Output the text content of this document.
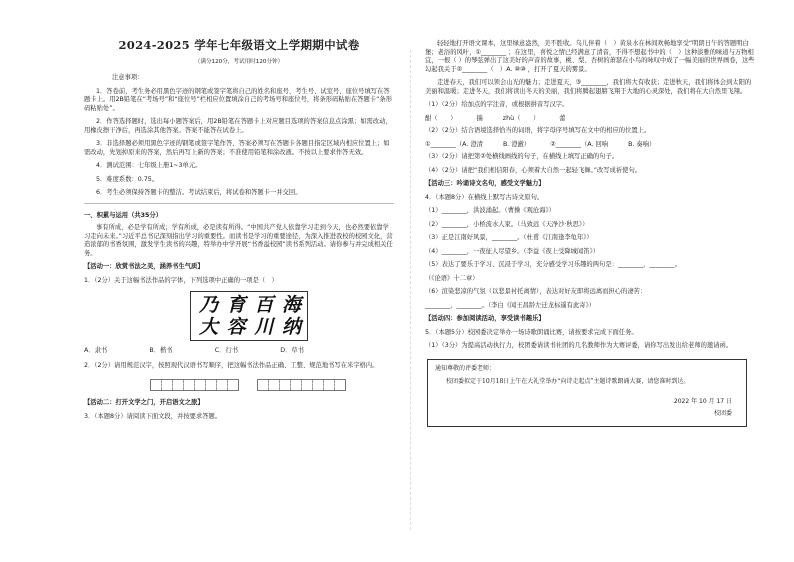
2024-2025 学年七年级语文上学期期中试卷
（满分120分，考试用时120分钟）
注意事项：
1．答卷前，考生务必用黑色字迹的钢笔或签字笔将自己的姓名和座号、考生号、试室号、座位号填写在答题卡上。用2B铅笔在“考场号”和“座位号”栏相应位置填涂自己的考场号和座位号，将条形码粘贴在答题卡“条形码粘贴处”。
2．作答选择题时，选出每小题答案后，用2B铅笔在答题卡上对应题目选项的答案信息点涂黑；如需改动，用橡皮擦干净后，再选涂其他答案。答案不能答在试卷上。
3．非选择题必须用黑色字迹的钢笔或签字笔作答，答案必须写在答题卡各题目指定区域内相应位置上；如需改动，先划掉原来的答案，然后再写上新的答案；不准使用铅笔和涂改液。不按以上要求作答无效。
4．测试范围：七年级上册1~3单元。
5．难度系数：0.75。
6．考生必须保持答题卡的整洁。考试结束后，将试卷和答题卡一并交回。
一、积累与运用（共35分）
事有所成，必是学有所成；学有所成，必是读有所得。“中国共产党人依靠学习走到今天，也必然要依靠学习走向未来。”习近平总书记深刻指出学习的重要性。而读书是学习的重要途径，为深入推进我校的校园文化，营造浓郁的书香氛围，激发学生读书的兴趣，特举办中学开展“书香溢校园”读书系列活动。请你参与并完成相关任务。
【活动一：欣赏书法之美，涵养书生气质】
1．（2分）关于这幅书法作品的字体，下列选项中正确的一项是（　）
乃 育 百 海
大 容 川 纳
A．隶书	B．楷书	C．行书	D．草书
2．（2分）请用规范汉字，按照现代汉语书写顺序，把这幅书法作品正确、工整、规范地书写在米字格内。
【活动二：打开文学之门，开启语文之旅】
3．（本题8分）请阅读下面文段，并按要求答题。
轻轻地打开语文课本，这里绿意盎然，美不胜收。乌儿伴着（　）黄泉水在林间欢畅地享受“明朗日午的答题明白堡；老浴的风叶，①________ ；在这里，喜悦之情已经满意了清音，不得不想起书中的（　）这种淡雅的味道与万物相宜，一根（ ）的琴弦弹出了这美好的声音的故事，桃、梨、杏树的萧瑟在小鸟的咏叹中成了一幅美丽的世界画卷，这些勾起我关于②________（　）A. ⑩⑩ ，打开了夏天的雾景。
走进春天，我们可以领会山光的魅力；走进夏天，③________，我们将大有收获；走进秋天，我们将体会到太阳的美丽和温暖；走进冬天，我们将读出冬天的美丽，我们将腾起翅膀飞翔于大地的心灵深处，我们将在大自然里飞翔。
（1）（2分）给加点的字注音，或根据拼音写汉字。
酣（　　）	揣	zhù（　　）	蕾
（2）（2分）结合语境选择恰当的词语，将字母序号填写在文中的相应的位置上。
①________（A. 澄清	B. 澄澈）	②________（A. 回响	B. 奏响）
（3）（2分）请把第②处横线画线的句子，在横线上填写正确的句子。
（4）（2分）请把“我们相信阳春，心须着大自然一起轻飞舞。”改写成祈使句。
【活动三：吟诵诗文名句，感受文学魅力】
4．（本题8分）在横线上默写古诗文原句。
（1）________，洪波涌起。（曹操《观沧海》）
（2）________，小桥流水人家。（马致远《天净沙·秋思》）
（3）正是江南好风景，________。（杜甫《江南逢李龟年》）
（4）________，一夜征人尽望乡。（李益《夜上受降城闻笛》）
（5）表达了要乐于学习、沉浸于学习，充分感受学习乐趣的两句是：________，________。
（《论语》十二章）
（6）渲染悲凉的气氛（以悲景衬托离情），表达对好友即将远离而担心的凄苦：
________，________。（李白《闻王昌龄左迁龙标遥有此寄》）
【活动四：参加阅读活动，享受读书趣乐】
5．（本题5分）校园委决定举办一场诗歌朗诵比赛，请按要求完成下面任务。
（1）（3分）为提高活动执行力，校团委请读书社团的几名教师作为大赛评委，请你写出发出给老师的邀请函。
通知尊敬的评委老师：
校团委拟定于10月18日上午在大礼堂举办“向诗走起点”主题诗歌朗诵大赛，请您准时到达。
2022 年 10 月 17 日
校团委
